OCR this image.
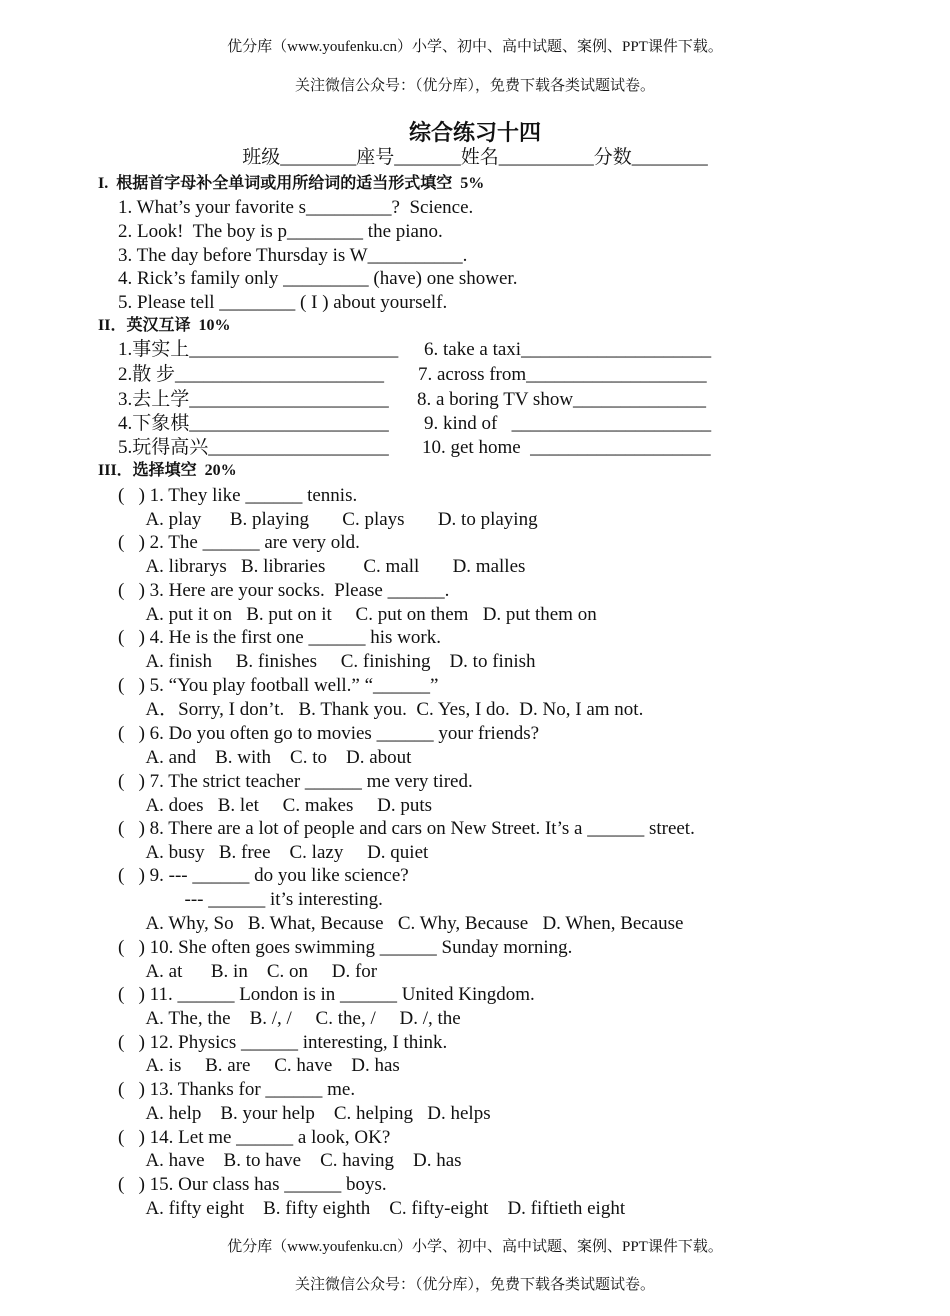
优分库（www.youfenku.cn）小学、初中、高中试题、案例、PPT课件下载。
关注微信公众号：（优分库），免费下载各类试题试卷。
综合练习十四
班级________座号_______姓名__________分数________
I.  根据首字母补全单词或用所给词的适当形式填空  5%
1. What’s your favorite s_________?  Science.
2. Look!  The boy is p________ the piano.
3. The day before Thursday is W__________.
4. Rick’s family only _________ (have) one shower.
5. Please tell ________ ( I ) about yourself.
II．英汉互译  10%
1.事实上______________________
2.散 步______________________
3.去上学_____________________
4.下象棋_____________________
5.玩得高兴___________________
6. take a taxi____________________
7. across from___________________
8. a boring TV show______________
9. kind of   _____________________
10. get home  ___________________
III．选择填空  20%
(   ) 1. They like ______ tennis.
A. play      B. playing       C. plays       D. to playing
(   ) 2. The ______ are very old.
A. librarys   B. libraries        C. mall       D. malles
(   ) 3. Here are your socks.  Please ______.
A. put it on   B. put on it     C. put on them   D. put them on
(   ) 4. He is the first one ______ his work.
A. finish     B. finishes     C. finishing    D. to finish
(   ) 5. “You play football well.” “______”
A．Sorry, I don’t.   B. Thank you.  C. Yes, I do.  D. No, I am not.
(   ) 6. Do you often go to movies ______ your friends?
A. and    B. with    C. to    D. about
(   ) 7. The strict teacher ______ me very tired.
A. does   B. let     C. makes     D. puts
(   ) 8. There are a lot of people and cars on New Street. It’s a ______ street.
A. busy   B. free    C. lazy     D. quiet
(   ) 9. --- ______ do you like science?
--- ______ it’s interesting.
A. Why, So   B. What, Because   C. Why, Because   D. When, Because
(   ) 10. She often goes swimming ______ Sunday morning.
A. at      B. in    C. on     D. for
(   ) 11. ______ London is in ______ United Kingdom.
A. The, the    B. /, /     C. the, /     D. /, the
(   ) 12. Physics ______ interesting, I think.
A. is     B. are     C. have    D. has
(   ) 13. Thanks for ______ me.
A. help    B. your help    C. helping   D. helps
(   ) 14. Let me ______ a look, OK?
A. have    B. to have    C. having    D. has
(   ) 15. Our class has ______ boys.
A. fifty eight    B. fifty eighth    C. fifty-eight    D. fiftieth eight
优分库（www.youfenku.cn）小学、初中、高中试题、案例、PPT课件下载。
关注微信公众号：（优分库），免费下载各类试题试卷。
